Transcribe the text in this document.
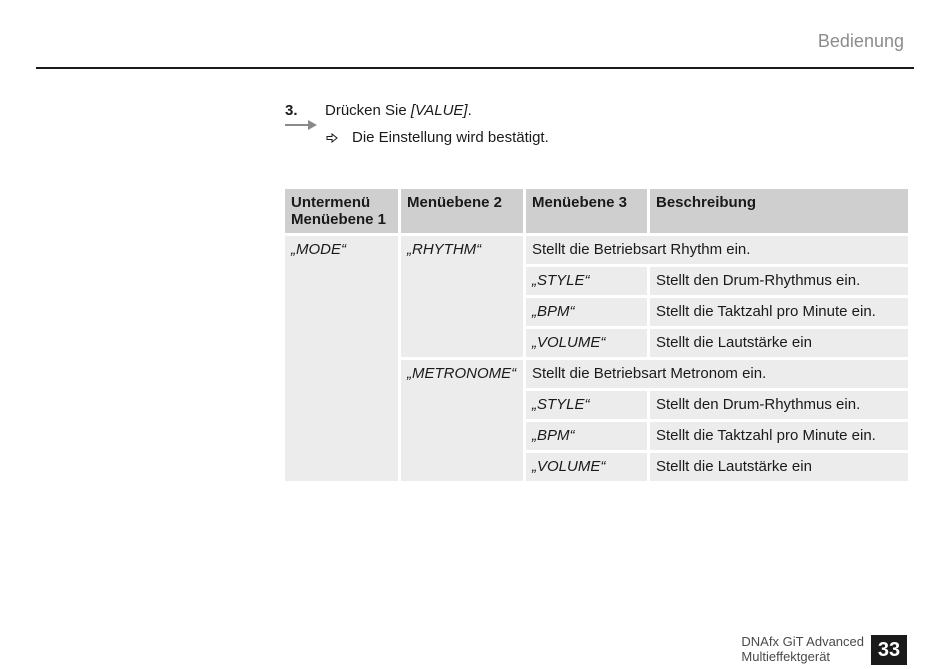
Bedienung
3. Drücken Sie [VALUE].
Die Einstellung wird bestätigt.
Untermenü
Menüebene 1	Menüebene 2	Menüebene 3	Beschreibung
„MODE“	„RHYTHM“	Stellt die Betriebsart Rhythm ein.	
		„STYLE“	Stellt den Drum-Rhythmus ein.
		„BPM“	Stellt die Taktzahl pro Minute ein.
		„VOLUME“	Stellt die Lautstärke ein
	„METRONOME“	Stellt die Betriebsart Metronom ein.	
		„STYLE“	Stellt den Drum-Rhythmus ein.
		„BPM“	Stellt die Taktzahl pro Minute ein.
		„VOLUME“	Stellt die Lautstärke ein
DNAfx GiT Advanced
Multieffektgerät	33
